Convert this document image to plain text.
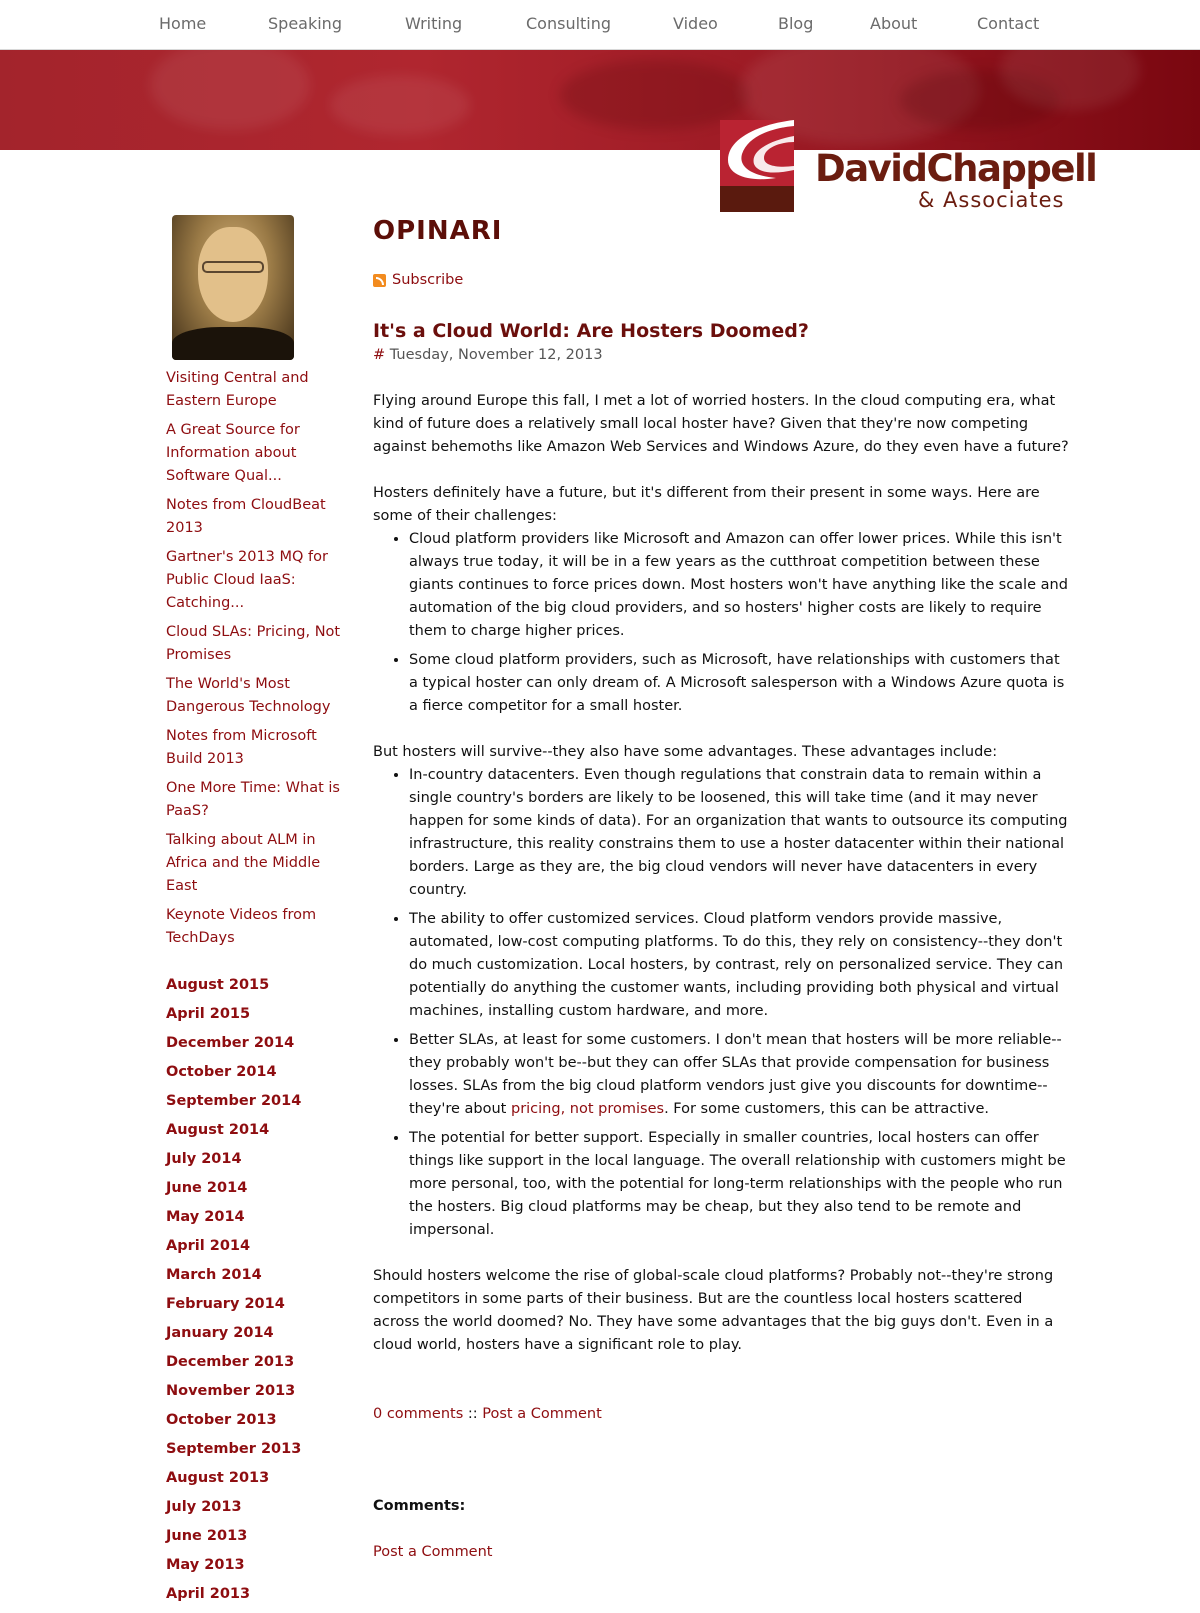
Home	Speaking	Writing	Consulting	Video	Blog	About	Contact
DavidChappell
& Associates
Visiting Central and Eastern Europe
A Great Source for Information about Software Qual...
Notes from CloudBeat 2013
Gartner's 2013 MQ for Public Cloud IaaS: Catching...
Cloud SLAs: Pricing, Not Promises
The World's Most Dangerous Technology
Notes from Microsoft Build 2013
One More Time: What is PaaS?
Talking about ALM in Africa and the Middle East
Keynote Videos from TechDays
August 2015
April 2015
December 2014
October 2014
September 2014
August 2014
July 2014
June 2014
May 2014
April 2014
March 2014
February 2014
January 2014
December 2013
November 2013
October 2013
September 2013
August 2013
July 2013
June 2013
May 2013
April 2013
OPINARI
Subscribe
It's a Cloud World: Are Hosters Doomed?
# Tuesday, November 12, 2013

Flying around Europe this fall, I met a lot of worried hosters. In the cloud computing era, what kind of future does a relatively small local hoster have? Given that they're now competing against behemoths like Amazon Web Services and Windows Azure, do they even have a future?

Hosters definitely have a future, but it's different from their present in some ways. Here are some of their challenges:

• Cloud platform providers like Microsoft and Amazon can offer lower prices. While this isn't always true today, it will be in a few years as the cutthroat competition between these giants continues to force prices down. Most hosters won't have anything like the scale and automation of the big cloud providers, and so hosters' higher costs are likely to require them to charge higher prices.
• Some cloud platform providers, such as Microsoft, have relationships with customers that a typical hoster can only dream of. A Microsoft salesperson with a Windows Azure quota is a fierce competitor for a small hoster.

But hosters will survive--they also have some advantages. These advantages include:

• In-country datacenters. Even though regulations that constrain data to remain within a single country's borders are likely to be loosened, this will take time (and it may never happen for some kinds of data). For an organization that wants to outsource its computing infrastructure, this reality constrains them to use a hoster datacenter within their national borders. Large as they are, the big cloud vendors will never have datacenters in every country.
• The ability to offer customized services. Cloud platform vendors provide massive, automated, low-cost computing platforms. To do this, they rely on consistency--they don't do much customization. Local hosters, by contrast, rely on personalized service. They can potentially do anything the customer wants, including providing both physical and virtual machines, installing custom hardware, and more.
• Better SLAs, at least for some customers. I don't mean that hosters will be more reliable--they probably won't be--but they can offer SLAs that provide compensation for business losses. SLAs from the big cloud platform vendors just give you discounts for downtime--they're about pricing, not promises. For some customers, this can be attractive.
• The potential for better support. Especially in smaller countries, local hosters can offer things like support in the local language. The overall relationship with customers might be more personal, too, with the potential for long-term relationships with the people who run the hosters. Big cloud platforms may be cheap, but they also tend to be remote and impersonal.

Should hosters welcome the rise of global-scale cloud platforms? Probably not--they're strong competitors in some parts of their business. But are the countless local hosters scattered across the world doomed? No. They have some advantages that the big guys don't. Even in a cloud world, hosters have a significant role to play.

0 comments :: Post a Comment
Comments:
Post a Comment
